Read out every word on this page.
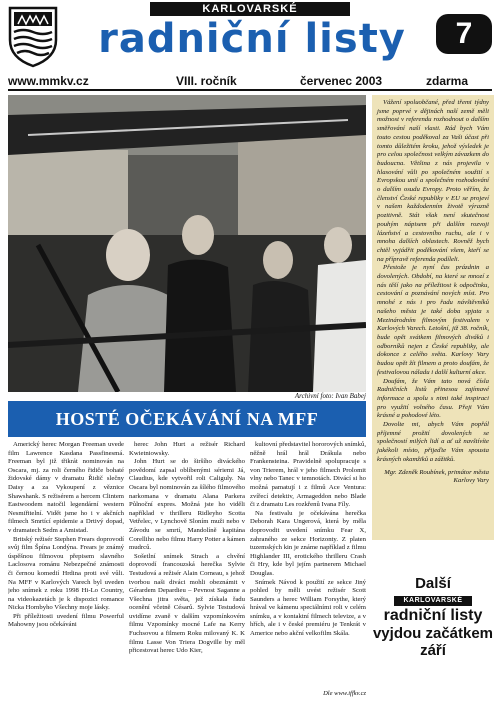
KARLOVARSKÉ
radniční listy	7
www.mmkv.cz	VIII. ročník	červenec 2003	zdarma
Archivní foto: Ivan Babej
HOSTÉ OČEKÁVÁNÍ NA MFF

Americký herec Morgan Freeman uvede film Lawrence Kasdana Passfinesmá. Freeman byl již třikrát nominován na Oscara, mj. za roli černého řidiče bohaté židovské dámy v dramatu Řidič slečny Daisy a za Vykoupení z věznice Shawshank. S režisérem a hercem Clintem Eastwoodem natočil legendární western Nesmiřitelní. Vidět jsme ho i v akčních filmech Smrtící epidemie a Drtivý dopad, v dramatech Sedm a Amistad.

Britský režisér Stephen Frears doprovodí svůj film Špína Londýna. Frears je známý úspěšnou filmovou přepisem slavného Laclosova románu Nebezpečné známosti či černou komedií Hrdina proti své vůli. Na MFF v Karlových Varech byl uveden jeho snímek z roku 1998 Hi-Lo Country, na videokazetách je k dispozici romance Nicka Hornbyho Všechny moje lásky.

Při příležitosti uvedení filmu Powerful Mahowny jsou očekáváni

herec John Hurt a režisér Richard Kwietniowsky.

John Hurt se do širšího diváckého povědomí zapsal oblíbenými sériemi Já, Claudius, kde vytvořil roli Caliguly. Na Oscara byl nominován za šílého filmového narkomana v dramatu Alana Parkera Půlnoční expres. Možná jste ho viděli například v thrilleru Ridleyho Scotta Vetřelec, v Lynchově Sloním muži nebo v Závodu se smrtí, Mandolíně kapitána Corelliho nebo filmu Harry Potter a kámen mudrců.

Sošetlní snímek Strach a chvění doprovodí francouzská herečka Sylvie Testudová a režisér Alain Corneau, s jehož tvorbou naši diváci mohli obeznámit v Gérardem Depardieu – Pevnost Saganne a Všechna jitra světa, jež získala řadu ocenění včetně Césarů. Sylvie Testudová uvidíme zvaně v dalším vzpomínkovém filmu Vzpomínky mocné Lafe na Kerry Fuchsovou a filmem Roku milovaný K. K filmu Lasse Von Triera Dogville by měl přicestovat herec Udo Kier,

kultovní představitel hororových snímků, něžně hrál hrál Drákula nebo Frankensteina. Pravidelně spolupracuje s von Trierem, hrál v jeho filmech Prolomit vlny nebo Tanec v temnotách. Divácí si ho možná pamatují i z filmů Ace Ventura: zvířecí detektiv, Armageddon nebo Blade či z dramatu Les rozkřenů Ivana Fíly.

Na festivalu je očekávána herečka Deborah Kara Ungerová, která by měla doprovodit uvedení snímku Fear X, zahraného ze sekce Horizonty. Z platen tuzemských kin je známe například z filmu Highlander III, erotického thrilleru Crash či Hry, kde byl jejím partnerem Michael Douglas.

Snímek Návod k použití ze sekce Jiný pohled by měli uvést režisér Scott Saunders a herec William Forsythe, který hrával ve kámenu speciálními roli v celém snímku, a v kontaktní filmech televize, a v hřích, ale i v české premiéru je Tenkrát v Americe nebo akční velkofilm Skála.

Dle www.iffkv.cz

Vážení spoluobčané, před třemi týdny jsme poprvé v dějinách naší země měli možnost v referendu rozhodnout o dalším směřování naší vlasti. Rád bych Vám touto cestou poděkoval za Vaši účast při tomto důležitém kroku, jehož výsledek je pro celou společnost velkým závazkem do budoucna. Většina z nás projevila v hlasování vůli po společném soužití s Evropskou unií a společném rozhodování o dalším osudu Evropy. Proto věřím, že členství České republiky v EU se projeví v našem každodenním životě výrazně pozitivně. Stát však není skutečnost pouhým nápisem při dalším rozvoji lázeňství a cestovního ruchu, ale i v mnoha dalších oblastech. Rovněž bych chtěl vyjádřit poděkování všem, kteří se na přípravě referenda podíleli.

Přestože je nyní čas prázdnin a dovolených. Období, na které se mnozí z nás těší jako na příležitost k odpočinku, cestování a poznávání nových míst. Pro mnohé z nás i pro řadu návštěvníků našeho města je také doba spjata s Mezinárodním filmovým festivalem v Karlových Varech. Letošní, již 38. ročník, bude opět svátkem filmových diváků i odborníků nejen z České republiky, ale dokonce z celého světa. Karlovy Vary budou opět žít filmem a proto doufám, že festivalovou náladu i další kulturní akce.

Doufám, že Vám tato nová čísla Radničních listů přinesou zajímavé informace a spolu s nimi také inspiraci pro využití volného času. Přeji Vám krásné a pohodové léto.

Dovolte mi, abych Vám popřál příjemné prožití dovolených se společností milých lidí a ať už navštívíte jakékoli místo, přijeďte Vám spousta krásných okamžiků a zážitků.

Mgr. Zdeněk Roubínek, primátor města Karlovy Vary

Další
KARLOVARSKÉ
radniční listy
vyjdou začátkem září
